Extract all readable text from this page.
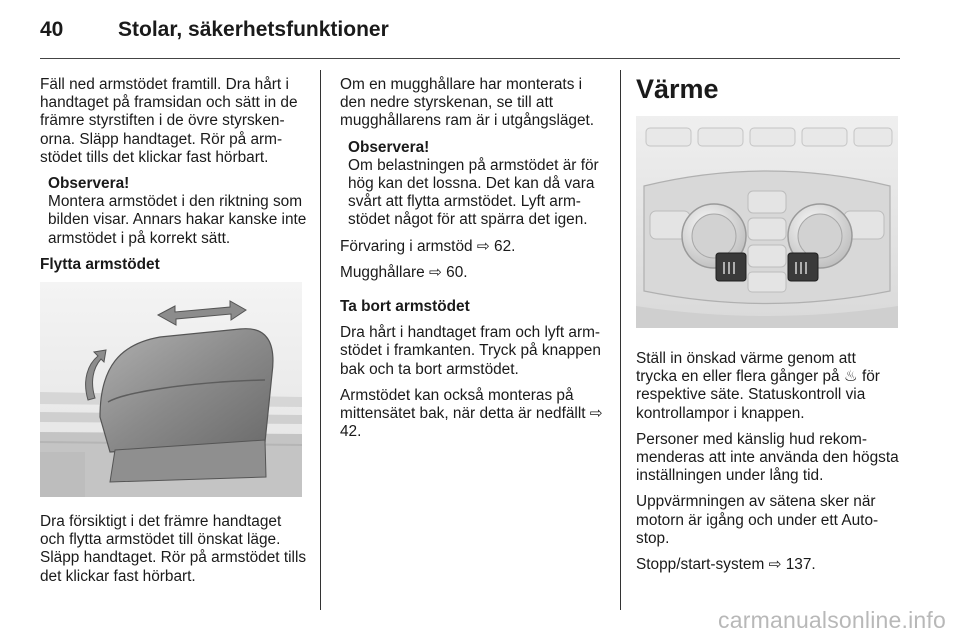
40	Stolar, säkerhetsfunktioner

Fäll ned armstödet framtill. Dra hårt i handtaget på framsidan och sätt in de främre styrstiften i de övre styrskenorna. Släpp handtaget. Rör på armstödet tills det klickar fast hörbart.

Observera!

Montera armstödet i den riktning som bilden visar. Annars hakar kanske inte armstödet i på korrekt sätt.

Flytta armstödet

Dra försiktigt i det främre handtaget och flytta armstödet till önskat läge. Släpp handtaget. Rör på armstödet tills det klickar fast hörbart.

Om en mugghållare har monterats i den nedre styrskenan, se till att mugghållarens ram är i utgångsläget.

Observera!

Om belastningen på armstödet är för hög kan det lossna. Det kan då vara svårt att flytta armstödet. Lyft armstödet något för att spärra det igen.

Förvaring i armstöd ⇨ 62.

Mugghållare ⇨ 60.

Ta bort armstödet

Dra hårt i handtaget fram och lyft armstödet i framkanten. Tryck på knappen bak och ta bort armstödet.

Armstödet kan också monteras på mittensätet bak, när detta är nedfällt ⇨ 42.

Värme

Ställ in önskad värme genom att trycka en eller flera gånger på ♨ för respektive säte. Statuskontroll via kontrollampor i knappen.

Personer med känslig hud rekommenderas att inte använda den högsta inställningen under lång tid.

Uppvärmningen av sätena sker när motorn är igång och under ett Autostop.

Stopp/start-system ⇨ 137.

carmanualsonline.info
